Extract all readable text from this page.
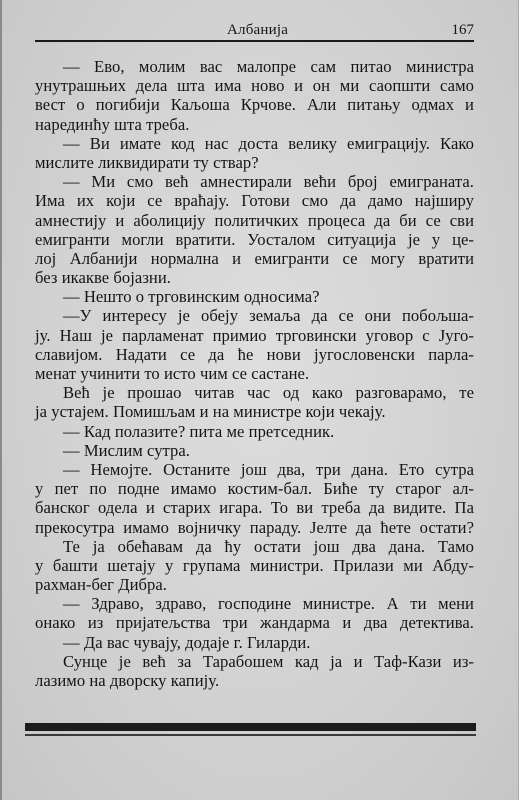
Албанија	167
— Eво, молим вас малопре сам питао министра
унутрашњих дела шта има ново и он ми саопшти само
вест о погибији Каљоша Крчове. Али питању одмах и
нарединћу шта треба.
— Ви имате код нас доста велику емиграцију. Како
мислите ликвидирати ту ствар?
— Ми смо већ амнестирали већи број емиграната.
Има их који се враћају. Готови смо да дамо најширу
амнестију и аболицију политичких процеса да би се сви
емигранти могли вратити. Уосталом ситуација је у це-
лој Албанији нормална и емигранти се могу вратити
без икакве бојазни.
— Нешто о трговинским односима?
—У интересу је обеју земаља да се они побољша-
ју. Наш је парламенат примио трговински уговор с Југо-
славијом. Надати се да ће нови југословенски парла-
менат учинити то исто чим се састане.
Већ је прошао читав час од како разговарамо, те
ја устајем. Помишљам и на министре који чекају.
— Кад полазите? пита ме претседник.
— Мислим сутра.
— Немојте. Останите још два, три дана. Ето сутра
у пет по подне имамо костим-бал. Биће ту старог ал-
банског одела и старих игара. То ви треба да видите. Па
прекосутра имамо војничку параду. Јелте да ћете остати?
Те ја обећавам да ћу остати још два дана. Тамо
у башти шетају у групама министри. Прилази ми Абду-
рахман-бег Дибра.
— Здраво, здраво, господине министре. А ти мени
онако из пријатељства три жандарма и два детектива.
— Да вас чувају, додаје г. Гиларди.
Сунце је већ за Тарабошем кад ја и Таф-Кази из-
лазимо на дворску капију.
